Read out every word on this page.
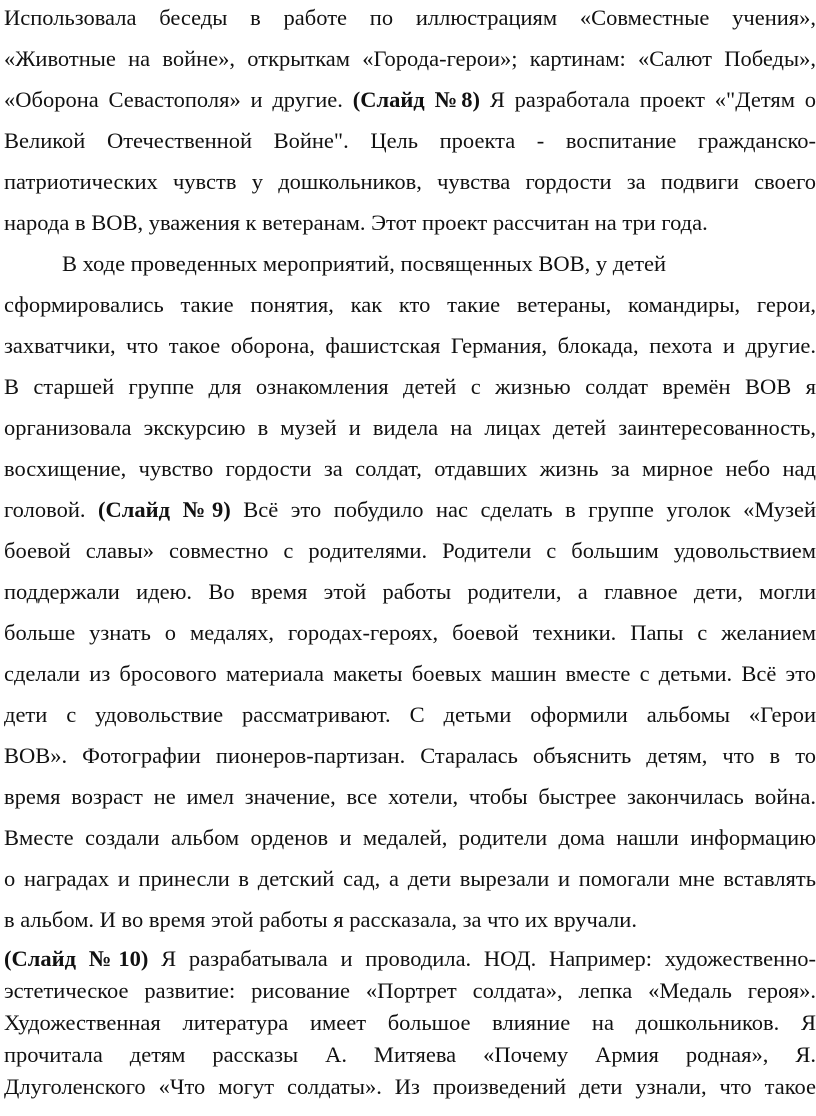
Использовала беседы в работе по иллюстрациям «Совместные учения»,
«Животные на войне», открыткам «Города-герои»; картинам: «Салют Победы»,
«Оборона Севастополя» и другие. (Слайд №8) Я разработала проект «"Детям о
Великой Отечественной Войне". Цель проекта - воспитание гражданско-
патриотических чувств у дошкольников, чувства гордости за подвиги своего
народа в ВОВ, уважения к ветеранам. Этот проект рассчитан на три года.
В ходе проведенных мероприятий, посвященных ВОВ, у детей
сформировались такие понятия, как кто такие ветераны, командиры, герои,
захватчики, что такое оборона, фашистская Германия, блокада, пехота и другие.
В старшей группе для ознакомления детей с жизнью солдат времён ВОВ я
организовала экскурсию в музей и видела на лицах детей заинтересованность,
восхищение, чувство гордости за солдат, отдавших жизнь за мирное небо над
головой. (Слайд №9) Всё это побудило нас сделать в группе уголок «Музей
боевой славы» совместно с родителями. Родители с большим удовольствием
поддержали идею. Во время этой работы родители, а главное дети, могли
больше узнать о медалях, городах-героях, боевой техники. Папы с желанием
сделали из бросового материала макеты боевых машин вместе с детьми. Всё это
дети с удовольствие рассматривают. С детьми оформили альбомы «Герои
ВОВ». Фотографии пионеров-партизан. Старалась объяснить детям, что в то
время возраст не имел значение, все хотели, чтобы быстрее закончилась война.
Вместе создали альбом орденов и медалей, родители дома нашли информацию
о наградах и принесли в детский сад, а дети вырезали и помогали мне вставлять
в альбом. И во время этой работы я рассказала, за что их вручали.
(Слайд №10) Я разрабатывала и проводила. НОД. Например: художественно-
эстетическое развитие: рисование «Портрет солдата», лепка «Медаль героя».
Художественная литература имеет большое влияние на дошкольников. Я
прочитала детям рассказы А. Митяева «Почему Армия родная», Я.
Длуголенского «Что могут солдаты». Из произведений дети узнали, что такое
